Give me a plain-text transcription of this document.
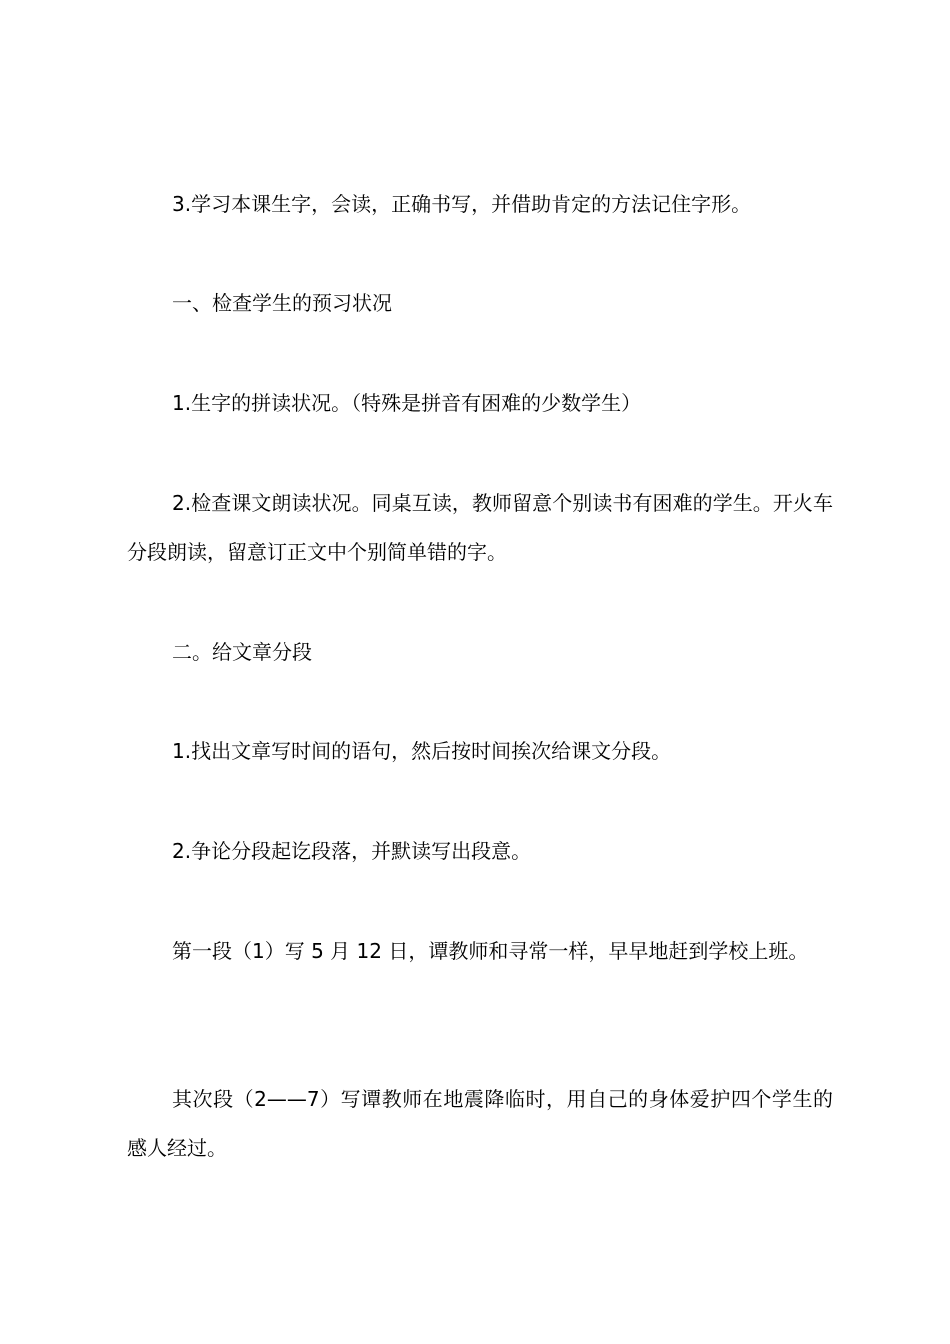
3.学习本课生字，会读，正确书写，并借助肯定的方法记住字形。

一、检查学生的预习状况

1.生字的拼读状况。（特殊是拼音有困难的少数学生）

2.检查课文朗读状况。同桌互读，教师留意个别读书有困难的学生。开火车分段朗读，留意订正文中个别简单错的字。

二。给文章分段

1.找出文章写时间的语句，然后按时间挨次给课文分段。

2.争论分段起讫段落，并默读写出段意。

第一段（1）写 5 月 12 日，谭教师和寻常一样，早早地赶到学校上班。

其次段（2——7）写谭教师在地震降临时，用自己的身体爱护四个学生的感人经过。
